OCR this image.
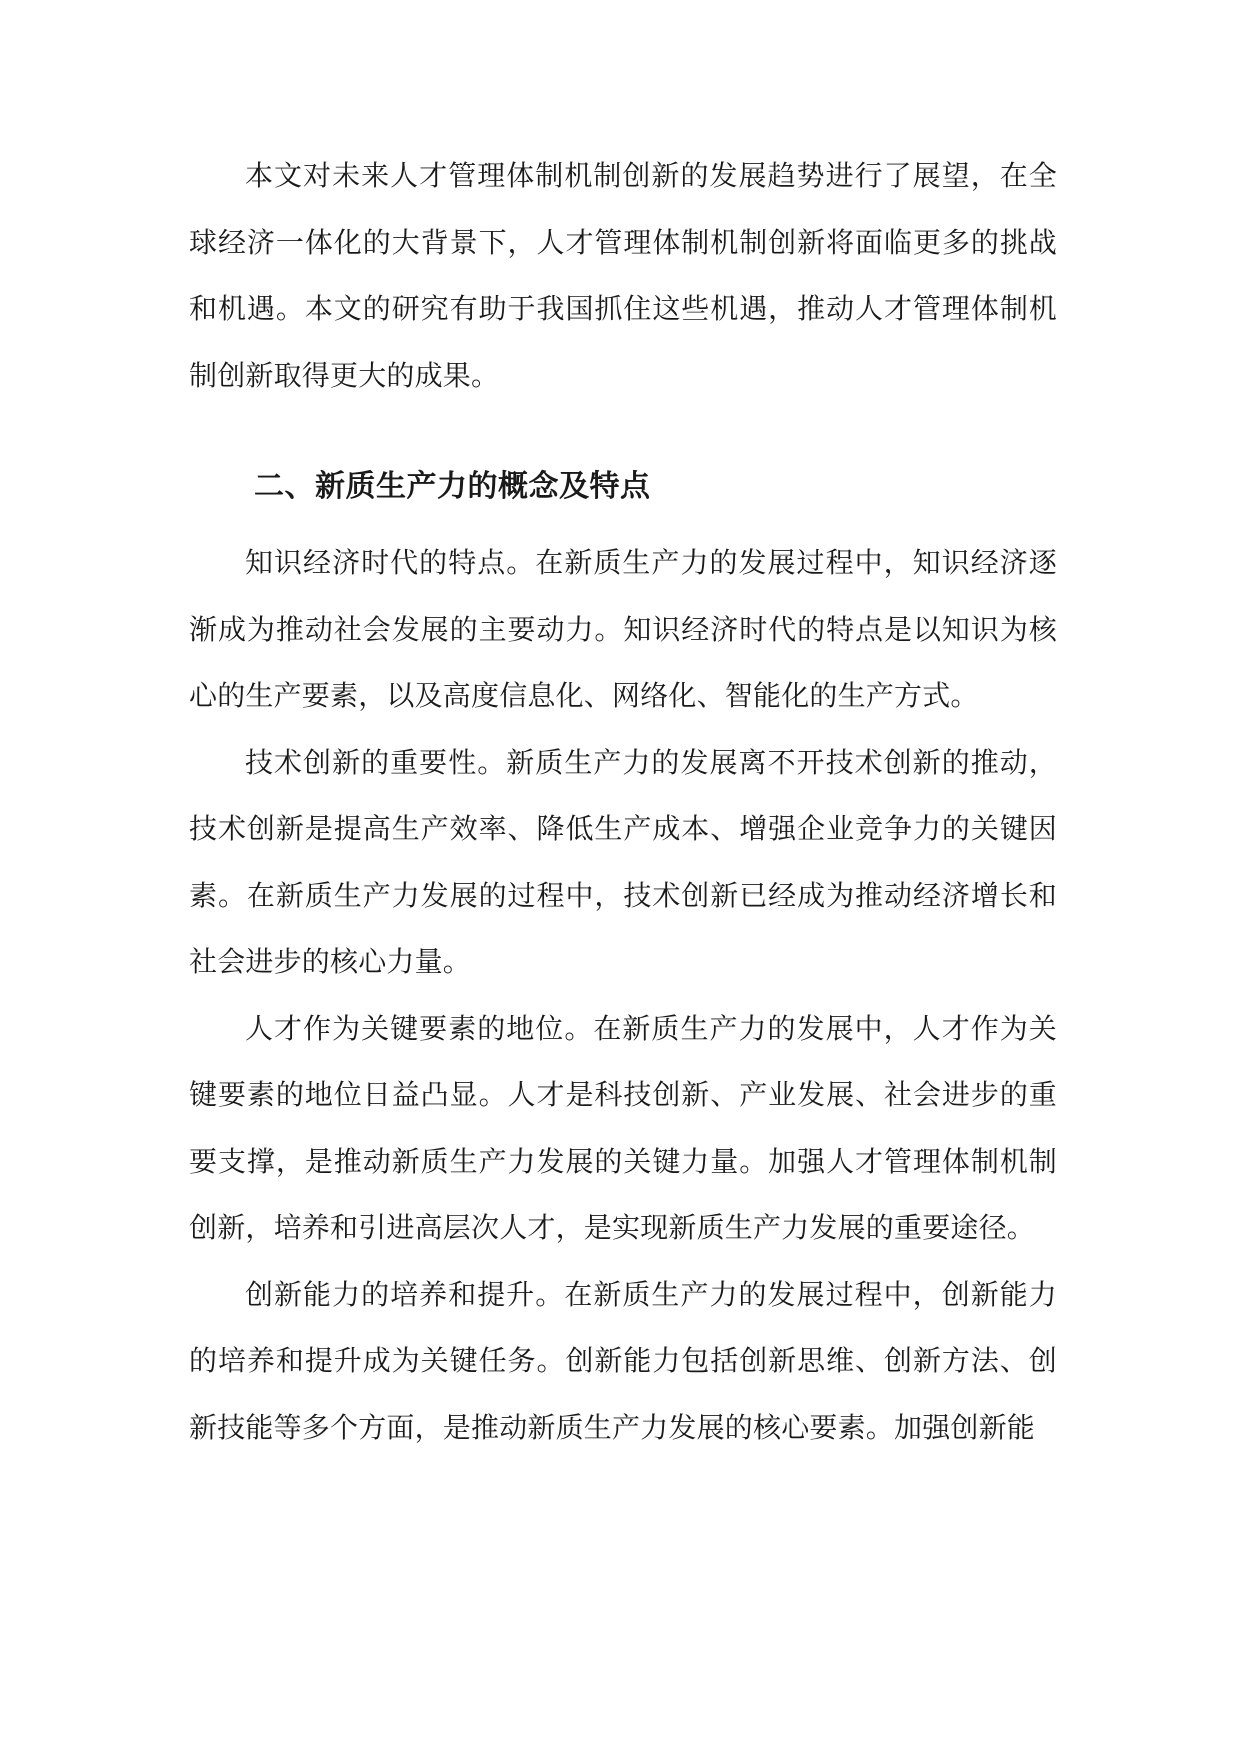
本文对未来人才管理体制机制创新的发展趋势进行了展望，在全球经济一体化的大背景下，人才管理体制机制创新将面临更多的挑战和机遇。本文的研究有助于我国抓住这些机遇，推动人才管理体制机制创新取得更大的成果。

二、新质生产力的概念及特点

知识经济时代的特点。在新质生产力的发展过程中，知识经济逐渐成为推动社会发展的主要动力。知识经济时代的特点是以知识为核心的生产要素，以及高度信息化、网络化、智能化的生产方式。

技术创新的重要性。新质生产力的发展离不开技术创新的推动，技术创新是提高生产效率、降低生产成本、增强企业竞争力的关键因素。在新质生产力发展的过程中，技术创新已经成为推动经济增长和社会进步的核心力量。

人才作为关键要素的地位。在新质生产力的发展中，人才作为关键要素的地位日益凸显。人才是科技创新、产业发展、社会进步的重要支撑，是推动新质生产力发展的关键力量。加强人才管理体制机制创新，培养和引进高层次人才，是实现新质生产力发展的重要途径。

创新能力的培养和提升。在新质生产力的发展过程中，创新能力的培养和提升成为关键任务。创新能力包括创新思维、创新方法、创新技能等多个方面，是推动新质生产力发展的核心要素。加强创新能
